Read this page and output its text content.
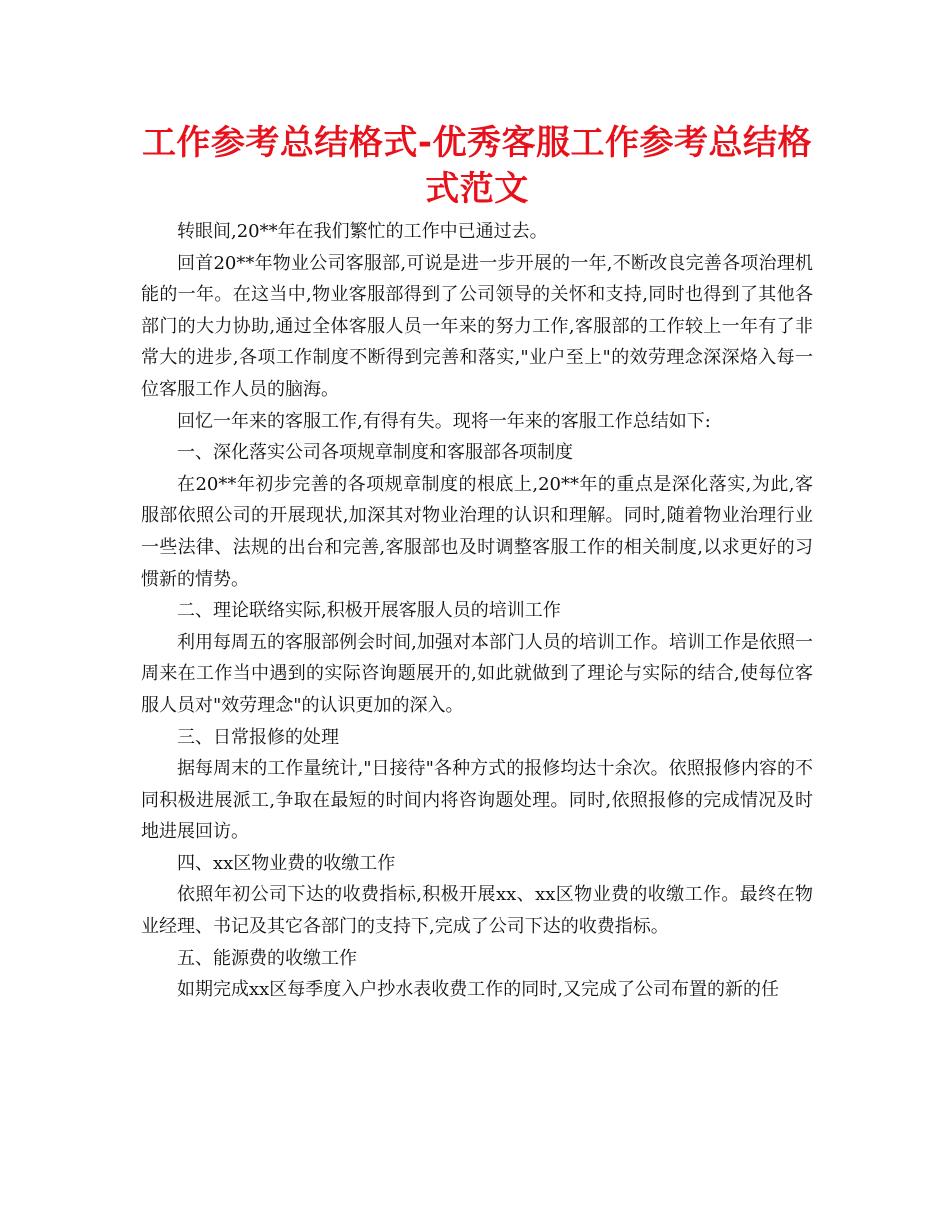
工作参考总结格式-优秀客服工作参考总结格式范文

转眼间,20**年在我们繁忙的工作中已通过去。

回首20**年物业公司客服部,可说是进一步开展的一年,不断改良完善各项治理机能的一年。在这当中,物业客服部得到了公司领导的关怀和支持,同时也得到了其他各部门的大力协助,通过全体客服人员一年来的努力工作,客服部的工作较上一年有了非常大的进步,各项工作制度不断得到完善和落实,"业户至上"的效劳理念深深烙入每一位客服工作人员的脑海。

回忆一年来的客服工作,有得有失。现将一年来的客服工作总结如下:

一、深化落实公司各项规章制度和客服部各项制度

在20**年初步完善的各项规章制度的根底上,20**年的重点是深化落实,为此,客服部依照公司的开展现状,加深其对物业治理的认识和理解。同时,随着物业治理行业一些法律、法规的出台和完善,客服部也及时调整客服工作的相关制度,以求更好的习惯新的情势。

二、理论联络实际,积极开展客服人员的培训工作

利用每周五的客服部例会时间,加强对本部门人员的培训工作。培训工作是依照一周来在工作当中遇到的实际咨询题展开的,如此就做到了理论与实际的结合,使每位客服人员对"效劳理念"的认识更加的深入。

三、日常报修的处理

据每周末的工作量统计,"日接待"各种方式的报修均达十余次。依照报修内容的不同积极进展派工,争取在最短的时间内将咨询题处理。同时,依照报修的完成情况及时地进展回访。

四、xx区物业费的收缴工作

依照年初公司下达的收费指标,积极开展xx、xx区物业费的收缴工作。最终在物业经理、书记及其它各部门的支持下,完成了公司下达的收费指标。

五、能源费的收缴工作

如期完成xx区每季度入户抄水表收费工作的同时,又完成了公司布置的新的任
